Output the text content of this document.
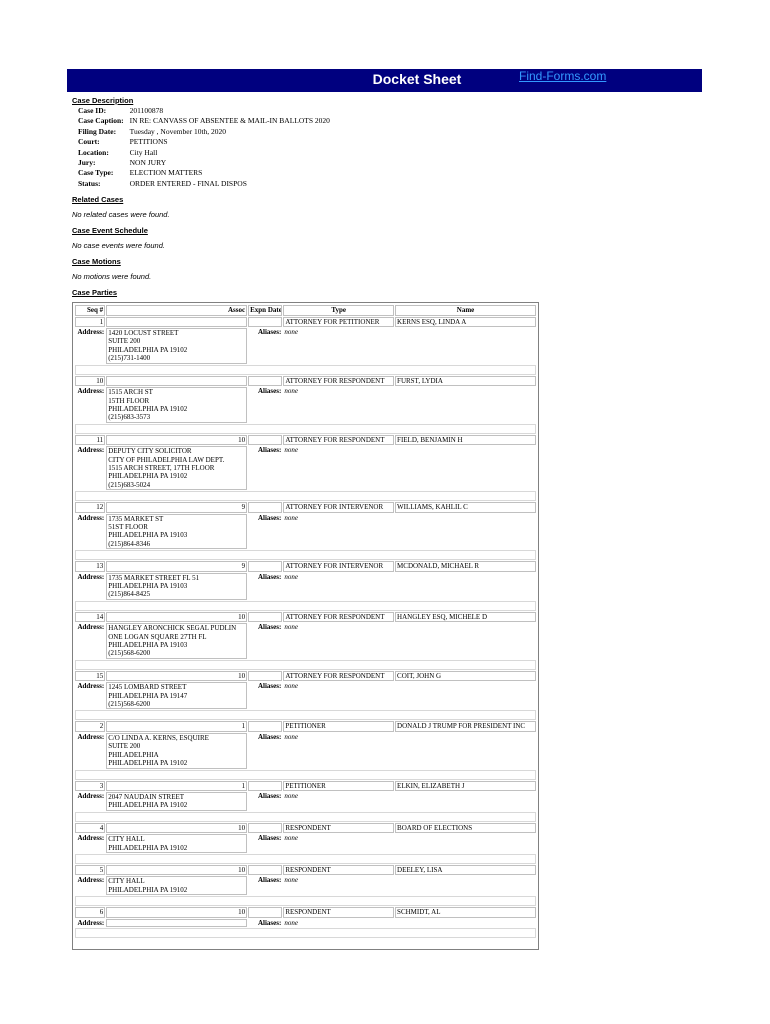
Docket Sheet	Find-Forms.com
Case Description
Case ID:	201100878
Case Caption:	IN RE: CANVASS OF ABSENTEE & MAIL-IN BALLOTS 2020
Filing Date:	Tuesday , November 10th, 2020
Court:	PETITIONS
Location:	City Hall
Jury:	NON JURY
Case Type:	ELECTION MATTERS
Status:	ORDER ENTERED - FINAL DISPOS
Related Cases
No related cases were found.
Case Event Schedule
No case events were found.
Case Motions
No motions were found.
Case Parties
Seq #	Assoc	Expn Date	Type	Name
1			ATTORNEY FOR PETITIONER	KERNS ESQ, LINDA A
Address:	1420 LOCUST STREET
SUITE 200
PHILADELPHIA PA 19102
(215)731-1400	Aliases:	none	

10			ATTORNEY FOR RESPONDENT	FURST, LYDIA
Address:	1515 ARCH ST
15TH FLOOR
PHILADELPHIA PA 19102
(215)683-3573	Aliases:	none	

11	10		ATTORNEY FOR RESPONDENT	FIELD, BENJAMIN H
Address:	DEPUTY CITY SOLICITOR
CITY OF PHILADELPHIA LAW DEPT.
1515 ARCH STREET, 17TH FLOOR
PHILADELPHIA PA 19102
(215)683-5024	Aliases:	none	

12	9		ATTORNEY FOR INTERVENOR	WILLIAMS, KAHLIL C
Address:	1735 MARKET ST
51ST FLOOR
PHILADELPHIA PA 19103
(215)864-8346	Aliases:	none	

13	9		ATTORNEY FOR INTERVENOR	MCDONALD, MICHAEL R
Address:	1735 MARKET STREET FL 51
PHILADELPHIA PA 19103
(215)864-8425	Aliases:	none	

14	10		ATTORNEY FOR RESPONDENT	HANGLEY ESQ, MICHELE D
Address:	HANGLEY ARONCHICK SEGAL PUDLIN
ONE LOGAN SQUARE 27TH FL
PHILADELPHIA PA 19103
(215)568-6200	Aliases:	none	

15	10		ATTORNEY FOR RESPONDENT	COIT, JOHN G
Address:	1245 LOMBARD STREET
PHILADELPHIA PA 19147
(215)568-6200	Aliases:	none	

2	1		PETITIONER	DONALD J TRUMP FOR PRESIDENT INC
Address:	C/O LINDA A. KERNS, ESQUIRE
SUITE 200
PHILADELPHIA
PHILADELPHIA PA 19102	Aliases:	none	

3	1		PETITIONER	ELKIN, ELIZABETH J
Address:	2047 NAUDAIN STREET
PHILADELPHIA PA 19102	Aliases:	none	

4	10		RESPONDENT	BOARD OF ELECTIONS
Address:	CITY HALL
PHILADELPHIA PA 19102	Aliases:	none	

5	10		RESPONDENT	DEELEY, LISA
Address:	CITY HALL
PHILADELPHIA PA 19102	Aliases:	none	

6	10		RESPONDENT	SCHMIDT, AL
Address:		Aliases:	none	
